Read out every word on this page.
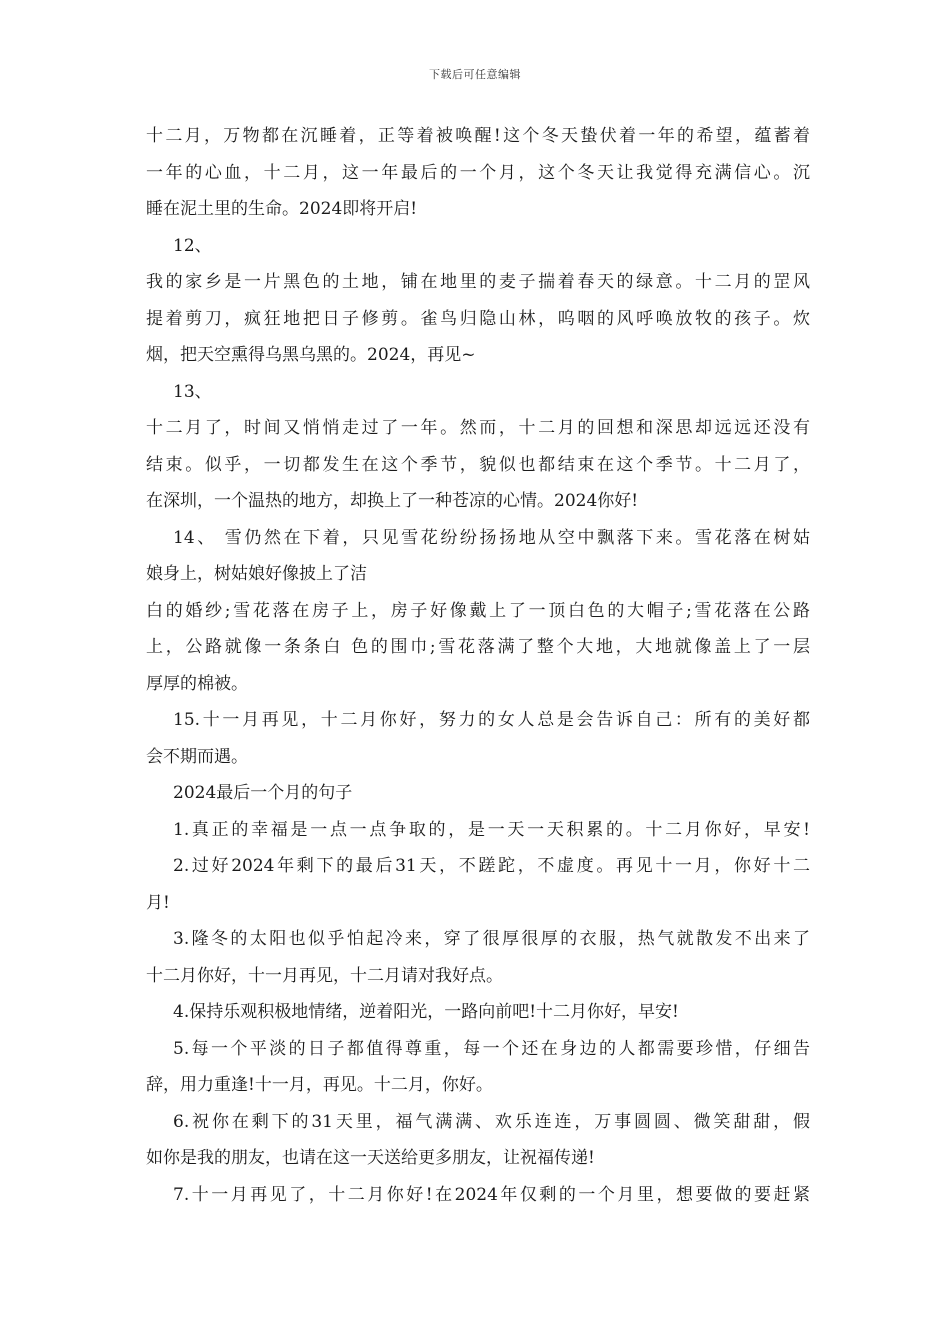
下载后可任意编辑
十二月，万物都在沉睡着，正等着被唤醒!这个冬天蛰伏着一年的希望，蕴蓄着
一年的心血，十二月，这一年最后的一个月，这个冬天让我觉得充满信心。沉
睡在泥土里的生命。2024即将开启!
12、
我的家乡是一片黑色的土地，铺在地里的麦子揣着春天的绿意。十二月的罡风
提着剪刀，疯狂地把日子修剪。雀鸟归隐山林，呜咽的风呼唤放牧的孩子。炊
烟，把天空熏得乌黑乌黑的。2024，再见~
13、
十二月了，时间又悄悄走过了一年。然而，十二月的回想和深思却远远还没有
结束。似乎，一切都发生在这个季节，貌似也都结束在这个季节。十二月了，
在深圳，一个温热的地方，却换上了一种苍凉的心情。2024你好!
14、 雪仍然在下着，只见雪花纷纷扬扬地从空中飘落下来。雪花落在树姑
娘身上，树姑娘好像披上了洁
白的婚纱;雪花落在房子上，房子好像戴上了一顶白色的大帽子;雪花落在公路
上，公路就像一条条白 色的围巾;雪花落满了整个大地，大地就像盖上了一层
厚厚的棉被。
15.十一月再见，十二月你好，努力的女人总是会告诉自己：所有的美好都
会不期而遇。
2024最后一个月的句子
1.真正的幸福是一点一点争取的，是一天一天积累的。十二月你好，早安!
2.过好2024年剩下的最后31天，不蹉跎，不虚度。再见十一月，你好十二
月!
3.隆冬的太阳也似乎怕起冷来，穿了很厚很厚的衣服，热气就散发不出来了
十二月你好，十一月再见，十二月请对我好点。
4.保持乐观积极地情绪，逆着阳光，一路向前吧!十二月你好，早安!
5.每一个平淡的日子都值得尊重，每一个还在身边的人都需要珍惜，仔细告
辞，用力重逢!十一月，再见。十二月，你好。
6.祝你在剩下的31天里，福气满满、欢乐连连，万事圆圆、微笑甜甜，假
如你是我的朋友，也请在这一天送给更多朋友，让祝福传递!
7.十一月再见了，十二月你好!在2024年仅剩的一个月里，想要做的要赶紧
